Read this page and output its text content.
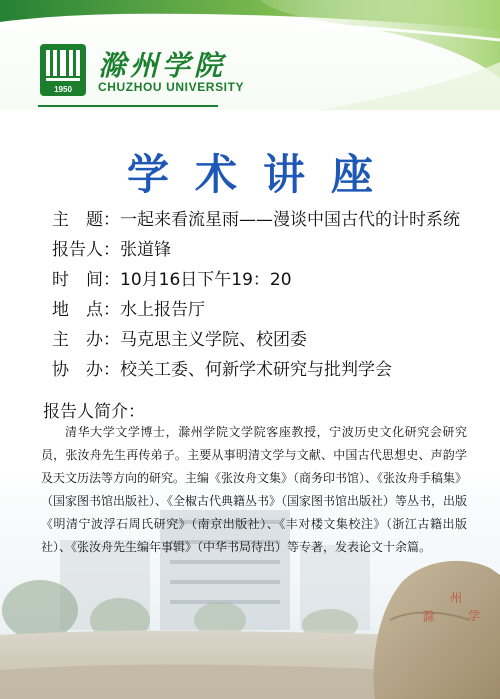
1950
滁州学院
CHUZHOU UNIVERSITY
学术讲座
主　题：一起来看流星雨——漫谈中国古代的计时系统
报告人：张道锋
时　间：10月16日下午19：20
地　点：水上报告厅
主　办：马克思主义学院、校团委
协　办：校关工委、何新学术研究与批判学会
滁
州
学
报告人简介：
清华大学文学博士，滁州学院文学院客座教授，宁波历史文化研究会研究员，张汝舟先生再传弟子。主要从事明清文学与文献、中国古代思想史、声韵学及天文历法等方向的研究。主编《张汝舟文集》（商务印书馆）、《张汝舟手稿集》（国家图书馆出版社）、《全椒古代典籍丛书》（国家图书馆出版社）等丛书，出版《明清宁波浮石周氏研究》（南京出版社）、《丰对楼文集校注》（浙江古籍出版社）、《张汝舟先生编年事辑》（中华书局待出）等专著，发表论文十余篇。
